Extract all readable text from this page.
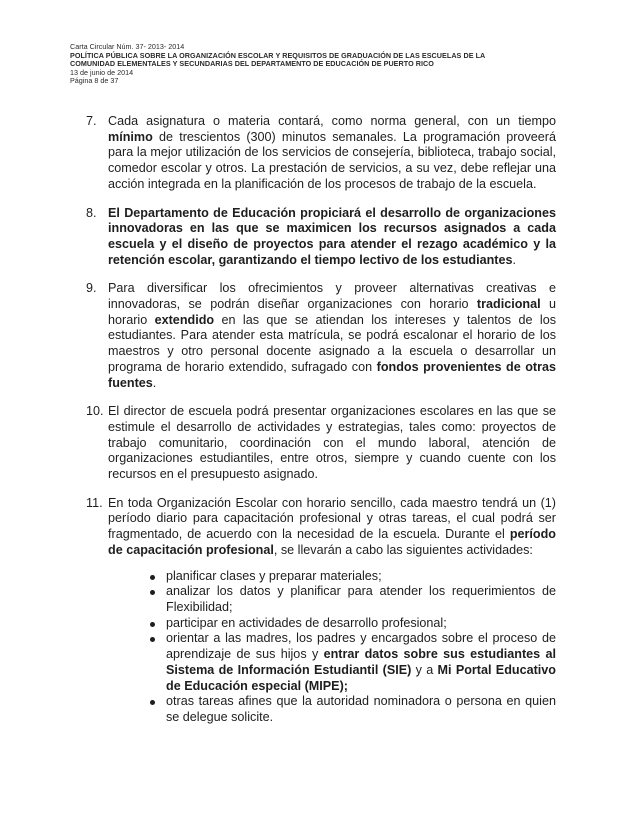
Carta Circular Núm. 37- 2013- 2014
POLÍTICA PÚBLICA SOBRE LA ORGANIZACIÓN ESCOLAR Y REQUISITOS DE GRADUACIÓN DE LAS ESCUELAS DE LA
COMUNIDAD ELEMENTALES Y SECUNDARIAS DEL DEPARTAMENTO DE EDUCACIÓN DE PUERTO RICO
13 de junio de 2014
Página 8 de 37
7. Cada asignatura o materia contará, como norma general, con un tiempo mínimo de trescientos (300) minutos semanales. La programación proveerá para la mejor utilización de los servicios de consejería, biblioteca, trabajo social, comedor escolar y otros. La prestación de servicios, a su vez, debe reflejar una acción integrada en la planificación de los procesos de trabajo de la escuela.
8. El Departamento de Educación propiciará el desarrollo de organizaciones innovadoras en las que se maximicen los recursos asignados a cada escuela y el diseño de proyectos para atender el rezago académico y la retención escolar, garantizando el tiempo lectivo de los estudiantes.
9. Para diversificar los ofrecimientos y proveer alternativas creativas e innovadoras, se podrán diseñar organizaciones con horario tradicional u horario extendido en las que se atiendan los intereses y talentos de los estudiantes. Para atender esta matrícula, se podrá escalonar el horario de los maestros y otro personal docente asignado a la escuela o desarrollar un programa de horario extendido, sufragado con fondos provenientes de otras fuentes.
10. El director de escuela podrá presentar organizaciones escolares en las que se estimule el desarrollo de actividades y estrategias, tales como: proyectos de trabajo comunitario, coordinación con el mundo laboral, atención de organizaciones estudiantiles, entre otros, siempre y cuando cuente con los recursos en el presupuesto asignado.
11. En toda Organización Escolar con horario sencillo, cada maestro tendrá un (1) período diario para capacitación profesional y otras tareas, el cual podrá ser fragmentado, de acuerdo con la necesidad de la escuela. Durante el período de capacitación profesional, se llevarán a cabo las siguientes actividades:
planificar clases y preparar materiales;
analizar los datos y planificar para atender los requerimientos de Flexibilidad;
participar en actividades de desarrollo profesional;
orientar a las madres, los padres y encargados sobre el proceso de aprendizaje de sus hijos y entrar datos sobre sus estudiantes al Sistema de Información Estudiantil (SIE) y a Mi Portal Educativo de Educación especial (MIPE);
otras tareas afines que la autoridad nominadora o persona en quien se delegue solicite.
